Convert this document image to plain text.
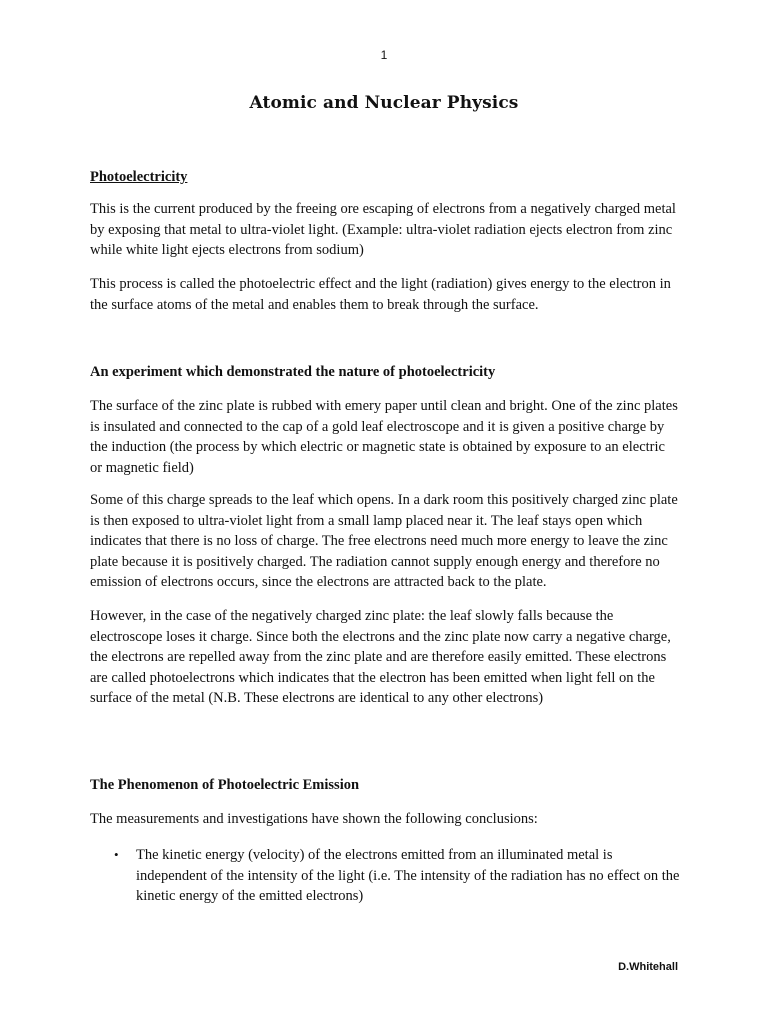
1
Atomic and Nuclear Physics
Photoelectricity
This is the current produced by the freeing ore escaping of electrons from a negatively charged metal by exposing that metal to ultra-violet light. (Example: ultra-violet radiation ejects electron from zinc while white light ejects electrons from sodium)
This process is called the photoelectric effect and the light (radiation) gives energy to the electron in the surface atoms of the metal and enables them to break through the surface.
An experiment which demonstrated the nature of photoelectricity
The surface of the zinc plate is rubbed with emery paper until clean and bright. One of the zinc plates is insulated and connected to the cap of a gold leaf electroscope and it is given a positive charge by the induction (the process by which electric or magnetic state is obtained by exposure to an electric or magnetic field)
Some of this charge spreads to the leaf which opens. In a dark room this positively charged zinc plate is then exposed to ultra-violet light from a small lamp placed near it. The leaf stays open which indicates that there is no loss of charge. The free electrons need much more energy to leave the zinc plate because it is positively charged. The radiation cannot supply enough energy and therefore no emission of electrons occurs, since the electrons are attracted back to the plate.
However, in the case of the negatively charged zinc plate: the leaf slowly falls because the electroscope loses it charge. Since both the electrons and the zinc plate now carry a negative charge, the electrons are repelled away from the zinc plate and are therefore easily emitted. These electrons are called photoelectrons which indicates that the electron has been emitted when light fell on the surface of the metal (N.B. These electrons are identical to any other electrons)
The Phenomenon of Photoelectric Emission
The measurements and investigations have shown the following conclusions:
• The kinetic energy (velocity) of the electrons emitted from an illuminated metal is independent of the intensity of the light (i.e. The intensity of the radiation has no effect on the kinetic energy of the emitted electrons)
D.Whitehall
